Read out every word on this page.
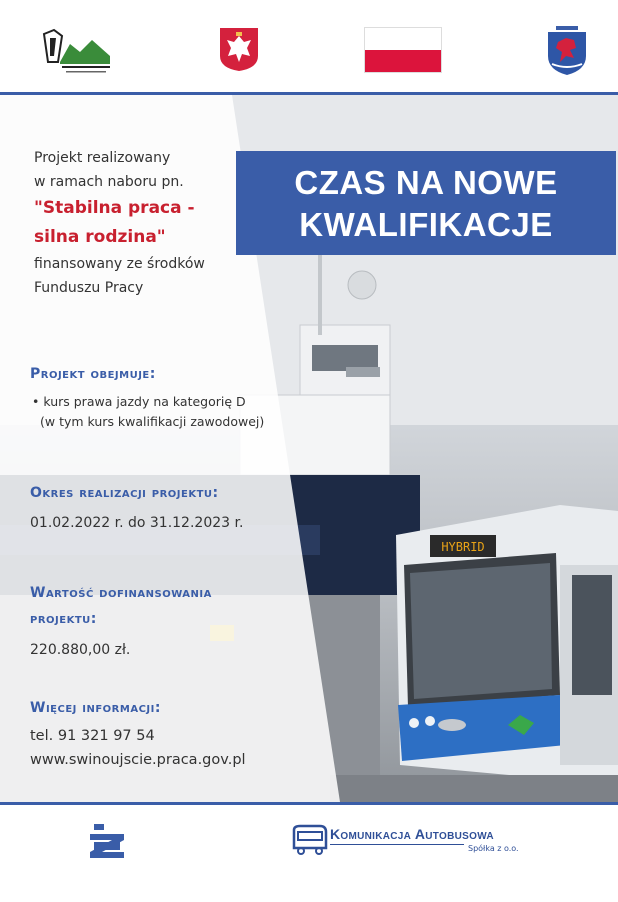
HYBRID
CZAS NA NOWE
KWALIFIKACJE
Projekt realizowany
w ramach naboru pn.
"Stabilna praca -
silna rodzina"
finansowany ze środków
Funduszu Pracy
Projekt obejmuje:
• kurs prawa jazdy na kategorię D
(w tym kurs kwalifikacji zawodowej)
Okres realizacji projektu:
01.02.2022 r. do 31.12.2023 r.
Wartość dofinansowania
projektu:
220.880,00 zł.
Więcej informacji:
tel. 91 321 97 54
www.swinoujscie.praca.gov.pl
Komunikacja Autobusowa
Spółka z o.o.
